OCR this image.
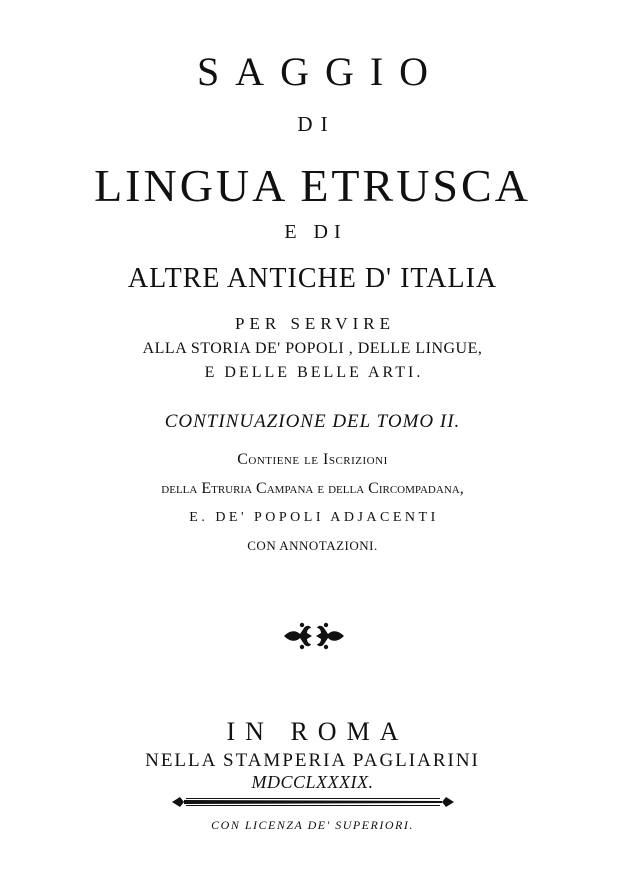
SAGGIO
DI
LINGUA ETRUSCA
E DI
ALTRE ANTICHE D' ITALIA
PER SERVIRE
ALLA STORIA DE' POPOLI , DELLE LINGUE,
E DELLE BELLE ARTI.
CONTINUAZIONE DEL TOMO II.
Contiene le Iscrizioni
della Etruria Campana e della Circompadana,
E. DE' POPOLI ADJACENTI
CON ANNOTAZIONI.
IN ROMA
NELLA STAMPERIA PAGLIARINI
MDCCLXXXIX.
CON LICENZA DE' SUPERIORI.
